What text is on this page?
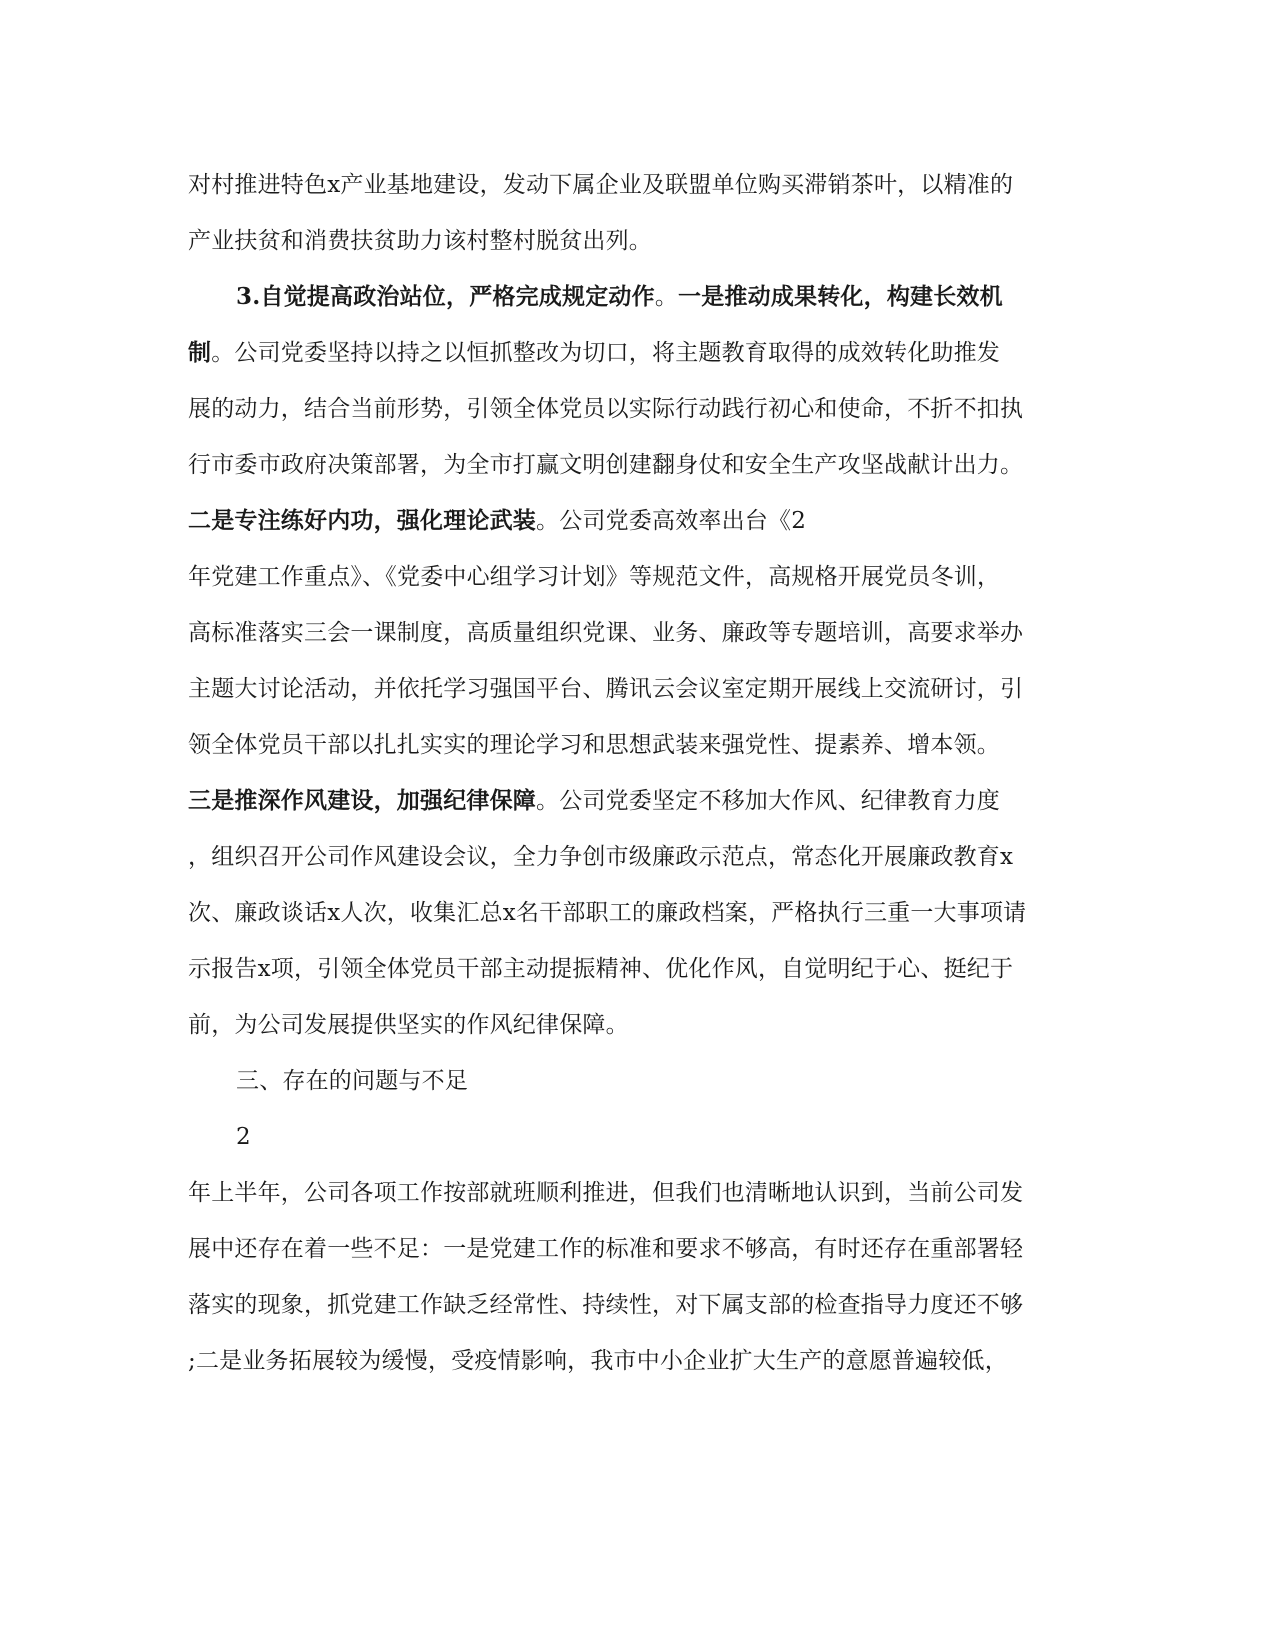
对村推进特色x产业基地建设，发动下属企业及联盟单位购买滞销茶叶，以精准的
产业扶贫和消费扶贫助力该村整村脱贫出列。
3.自觉提高政治站位，严格完成规定动作。一是推动成果转化，构建长效机
制。公司党委坚持以持之以恒抓整改为切口，将主题教育取得的成效转化助推发
展的动力，结合当前形势，引领全体党员以实际行动践行初心和使命，不折不扣执
行市委市政府决策部署，为全市打赢文明创建翻身仗和安全生产攻坚战献计出力。
二是专注练好内功，强化理论武装。公司党委高效率出台《2
年党建工作重点》、《党委中心组学习计划》等规范文件，高规格开展党员冬训，
高标准落实三会一课制度，高质量组织党课、业务、廉政等专题培训，高要求举办
主题大讨论活动，并依托学习强国平台、腾讯云会议室定期开展线上交流研讨，引
领全体党员干部以扎扎实实的理论学习和思想武装来强党性、提素养、增本领。
三是推深作风建设，加强纪律保障。公司党委坚定不移加大作风、纪律教育力度
，组织召开公司作风建设会议，全力争创市级廉政示范点，常态化开展廉政教育x
次、廉政谈话x人次，收集汇总x名干部职工的廉政档案，严格执行三重一大事项请
示报告x项，引领全体党员干部主动提振精神、优化作风，自觉明纪于心、挺纪于
前，为公司发展提供坚实的作风纪律保障。
三、存在的问题与不足
2
年上半年，公司各项工作按部就班顺利推进，但我们也清晰地认识到，当前公司发
展中还存在着一些不足：一是党建工作的标准和要求不够高，有时还存在重部署轻
落实的现象，抓党建工作缺乏经常性、持续性，对下属支部的检查指导力度还不够
;二是业务拓展较为缓慢，受疫情影响，我市中小企业扩大生产的意愿普遍较低，
